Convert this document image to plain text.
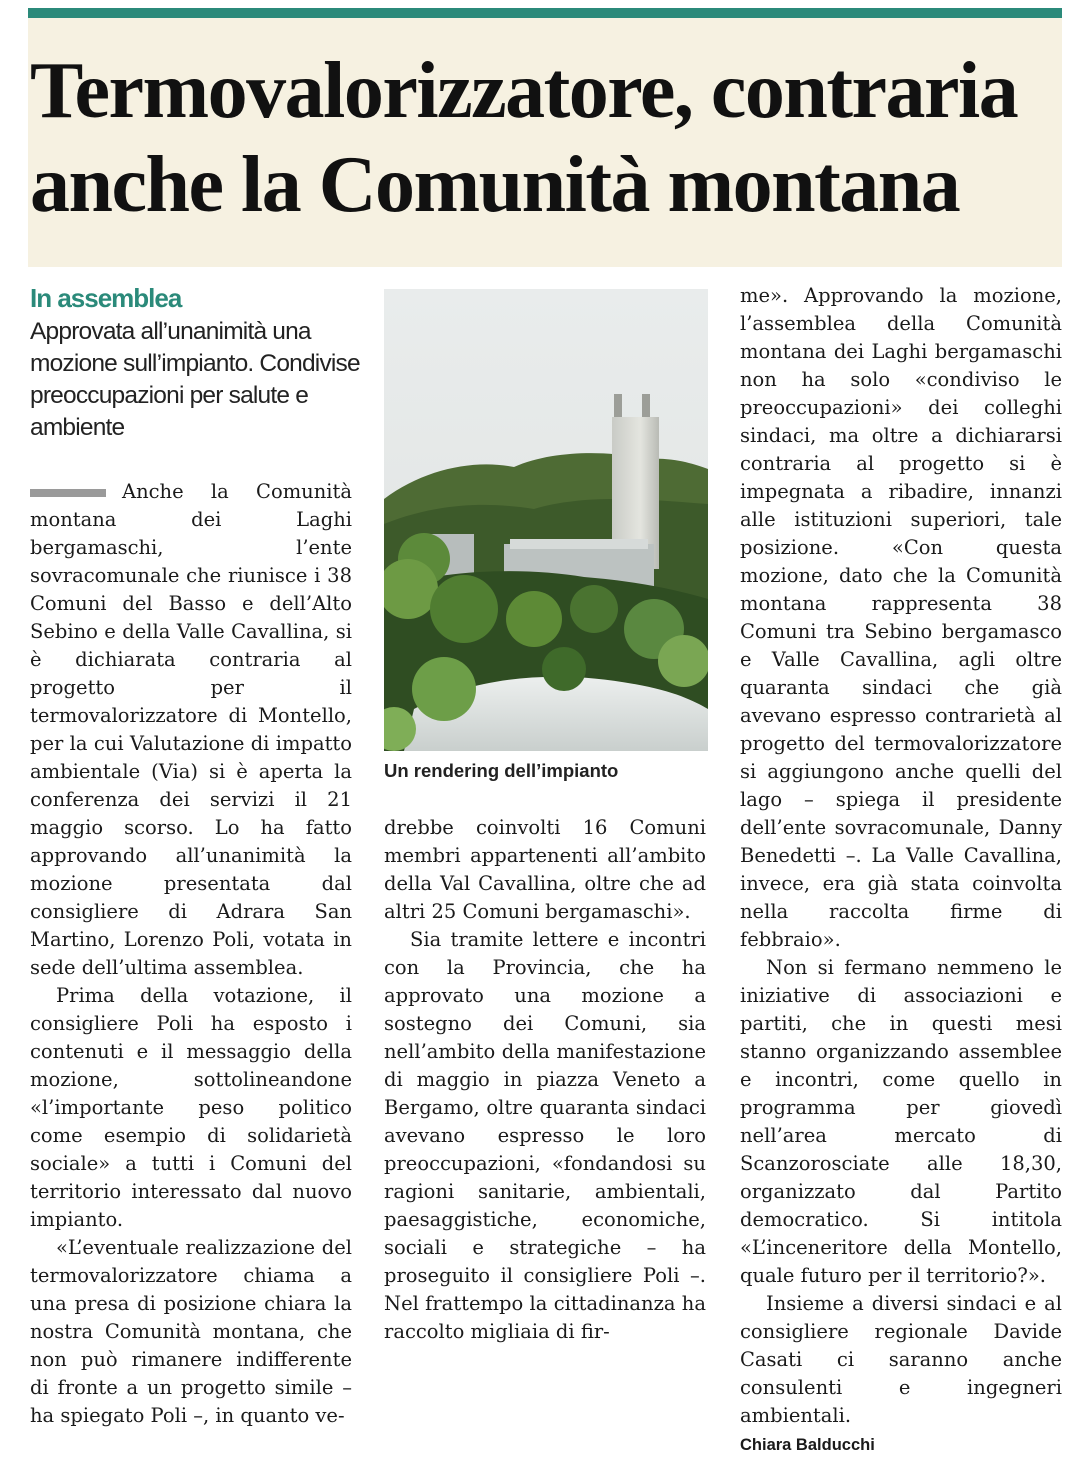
Termovalorizzatore, contraria anche la Comunità montana
In assemblea
Approvata all’unanimità una mozione sull’impianto. Condivise preoccupazioni per salute e ambiente

Anche la Comunità montana dei Laghi bergamaschi, l’ente sovracomunale che riunisce i 38 Comuni del Basso e dell’Alto Sebino e della Valle Cavallina, si è dichiarata contraria al progetto per il termovalorizzatore di Montello, per la cui Valutazione di impatto ambientale (Via) si è aperta la conferenza dei servizi il 21 maggio scorso. Lo ha fatto approvando all’unanimità la mozione presentata dal consigliere di Adrara San Martino, Lorenzo Poli, votata in sede dell’ultima assemblea.

Prima della votazione, il consigliere Poli ha esposto i contenuti e il messaggio della mozione, sottolineandone «l’importante peso politico come esempio di solidarietà sociale» a tutti i Comuni del territorio interessato dal nuovo impianto.

«L’eventuale realizzazione del termovalorizzatore chiama a una presa di posizione chiara la nostra Comunità montana, che non può rimanere indifferente di fronte a un progetto simile – ha spiegato Poli –, in quanto ve-

Un rendering dell’impianto

drebbe coinvolti 16 Comuni membri appartenenti all’ambito della Val Cavallina, oltre che ad altri 25 Comuni bergamaschi».

Sia tramite lettere e incontri con la Provincia, che ha approvato una mozione a sostegno dei Comuni, sia nell’ambito della manifestazione di maggio in piazza Veneto a Bergamo, oltre quaranta sindaci avevano espresso le loro preoccupazioni, «fondandosi su ragioni sanitarie, ambientali, paesaggistiche, economiche, sociali e strategiche – ha proseguito il consigliere Poli –. Nel frattempo la cittadinanza ha raccolto migliaia di fir-

me». Approvando la mozione, l’assemblea della Comunità montana dei Laghi bergamaschi non ha solo «condiviso le preoccupazioni» dei colleghi sindaci, ma oltre a dichiararsi contraria al progetto si è impegnata a ribadire, innanzi alle istituzioni superiori, tale posizione. «Con questa mozione, dato che la Comunità montana rappresenta 38 Comuni tra Sebino bergamasco e Valle Cavallina, agli oltre quaranta sindaci che già avevano espresso contrarietà al progetto del termovalorizzatore si aggiungono anche quelli del lago – spiega il presidente dell’ente sovracomunale, Danny Benedetti –. La Valle Cavallina, invece, era già stata coinvolta nella raccolta firme di febbraio».

Non si fermano nemmeno le iniziative di associazioni e partiti, che in questi mesi stanno organizzando assemblee e incontri, come quello in programma per giovedì nell’area mercato di Scanzorosciate alle 18,30, organizzato dal Partito democratico. Si intitola «L’inceneritore della Montello, quale futuro per il territorio?».

Insieme a diversi sindaci e al consigliere regionale Davide Casati ci saranno anche consulenti e ingegneri ambientali.

Chiara Balducchi
